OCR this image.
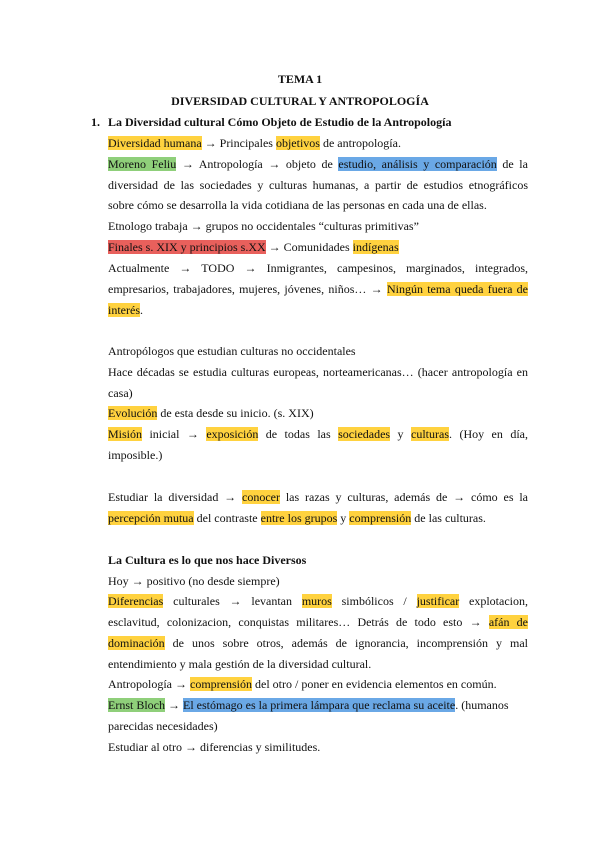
TEMA 1
DIVERSIDAD CULTURAL Y ANTROPOLOGÍA
1. La Diversidad cultural Cómo Objeto de Estudio de la Antropología
Diversidad humana → Principales objetivos de antropología.
Moreno Feliu → Antropología → objeto de estudio, análisis y comparación de la
diversidad de las sociedades y culturas humanas, a partir de estudios etnográficos
sobre cómo se desarrolla la vida cotidiana de las personas en cada una de ellas.
Etnologo trabaja → grupos no occidentales “culturas primitivas”
Finales s. XIX y principios s.XX → Comunidades indígenas
Actualmente → TODO → Inmigrantes, campesinos, marginados, integrados,
empresarios, trabajadores, mujeres, jóvenes, niños… → Ningún tema queda fuera de
interés.
Antropólogos que estudian culturas no occidentales
Hace décadas se estudia culturas europeas, norteamericanas… (hacer antropología en
casa)
Evolución de esta desde su inicio. (s. XIX)
Misión inicial → exposición de todas las sociedades y culturas. (Hoy en día,
imposible.)
Estudiar la diversidad → conocer las razas y culturas, además de → cómo es la
percepción mutua del contraste entre los grupos y comprensión de las culturas.
La Cultura es lo que nos hace Diversos
Hoy → positivo (no desde siempre)
Diferencias culturales → levantan muros simbólicos / justificar explotacion,
esclavitud, colonizacion, conquistas militares… Detrás de todo esto → afán de
dominación de unos sobre otros, además de ignorancia, incomprensión y mal
entendimiento y mala gestión de la diversidad cultural.
Antropología → comprensión del otro / poner en evidencia elementos en común.
Ernst Bloch → El estómago es la primera lámpara que reclama su aceite. (humanos
parecidas necesidades)
Estudiar al otro → diferencias y similitudes.
